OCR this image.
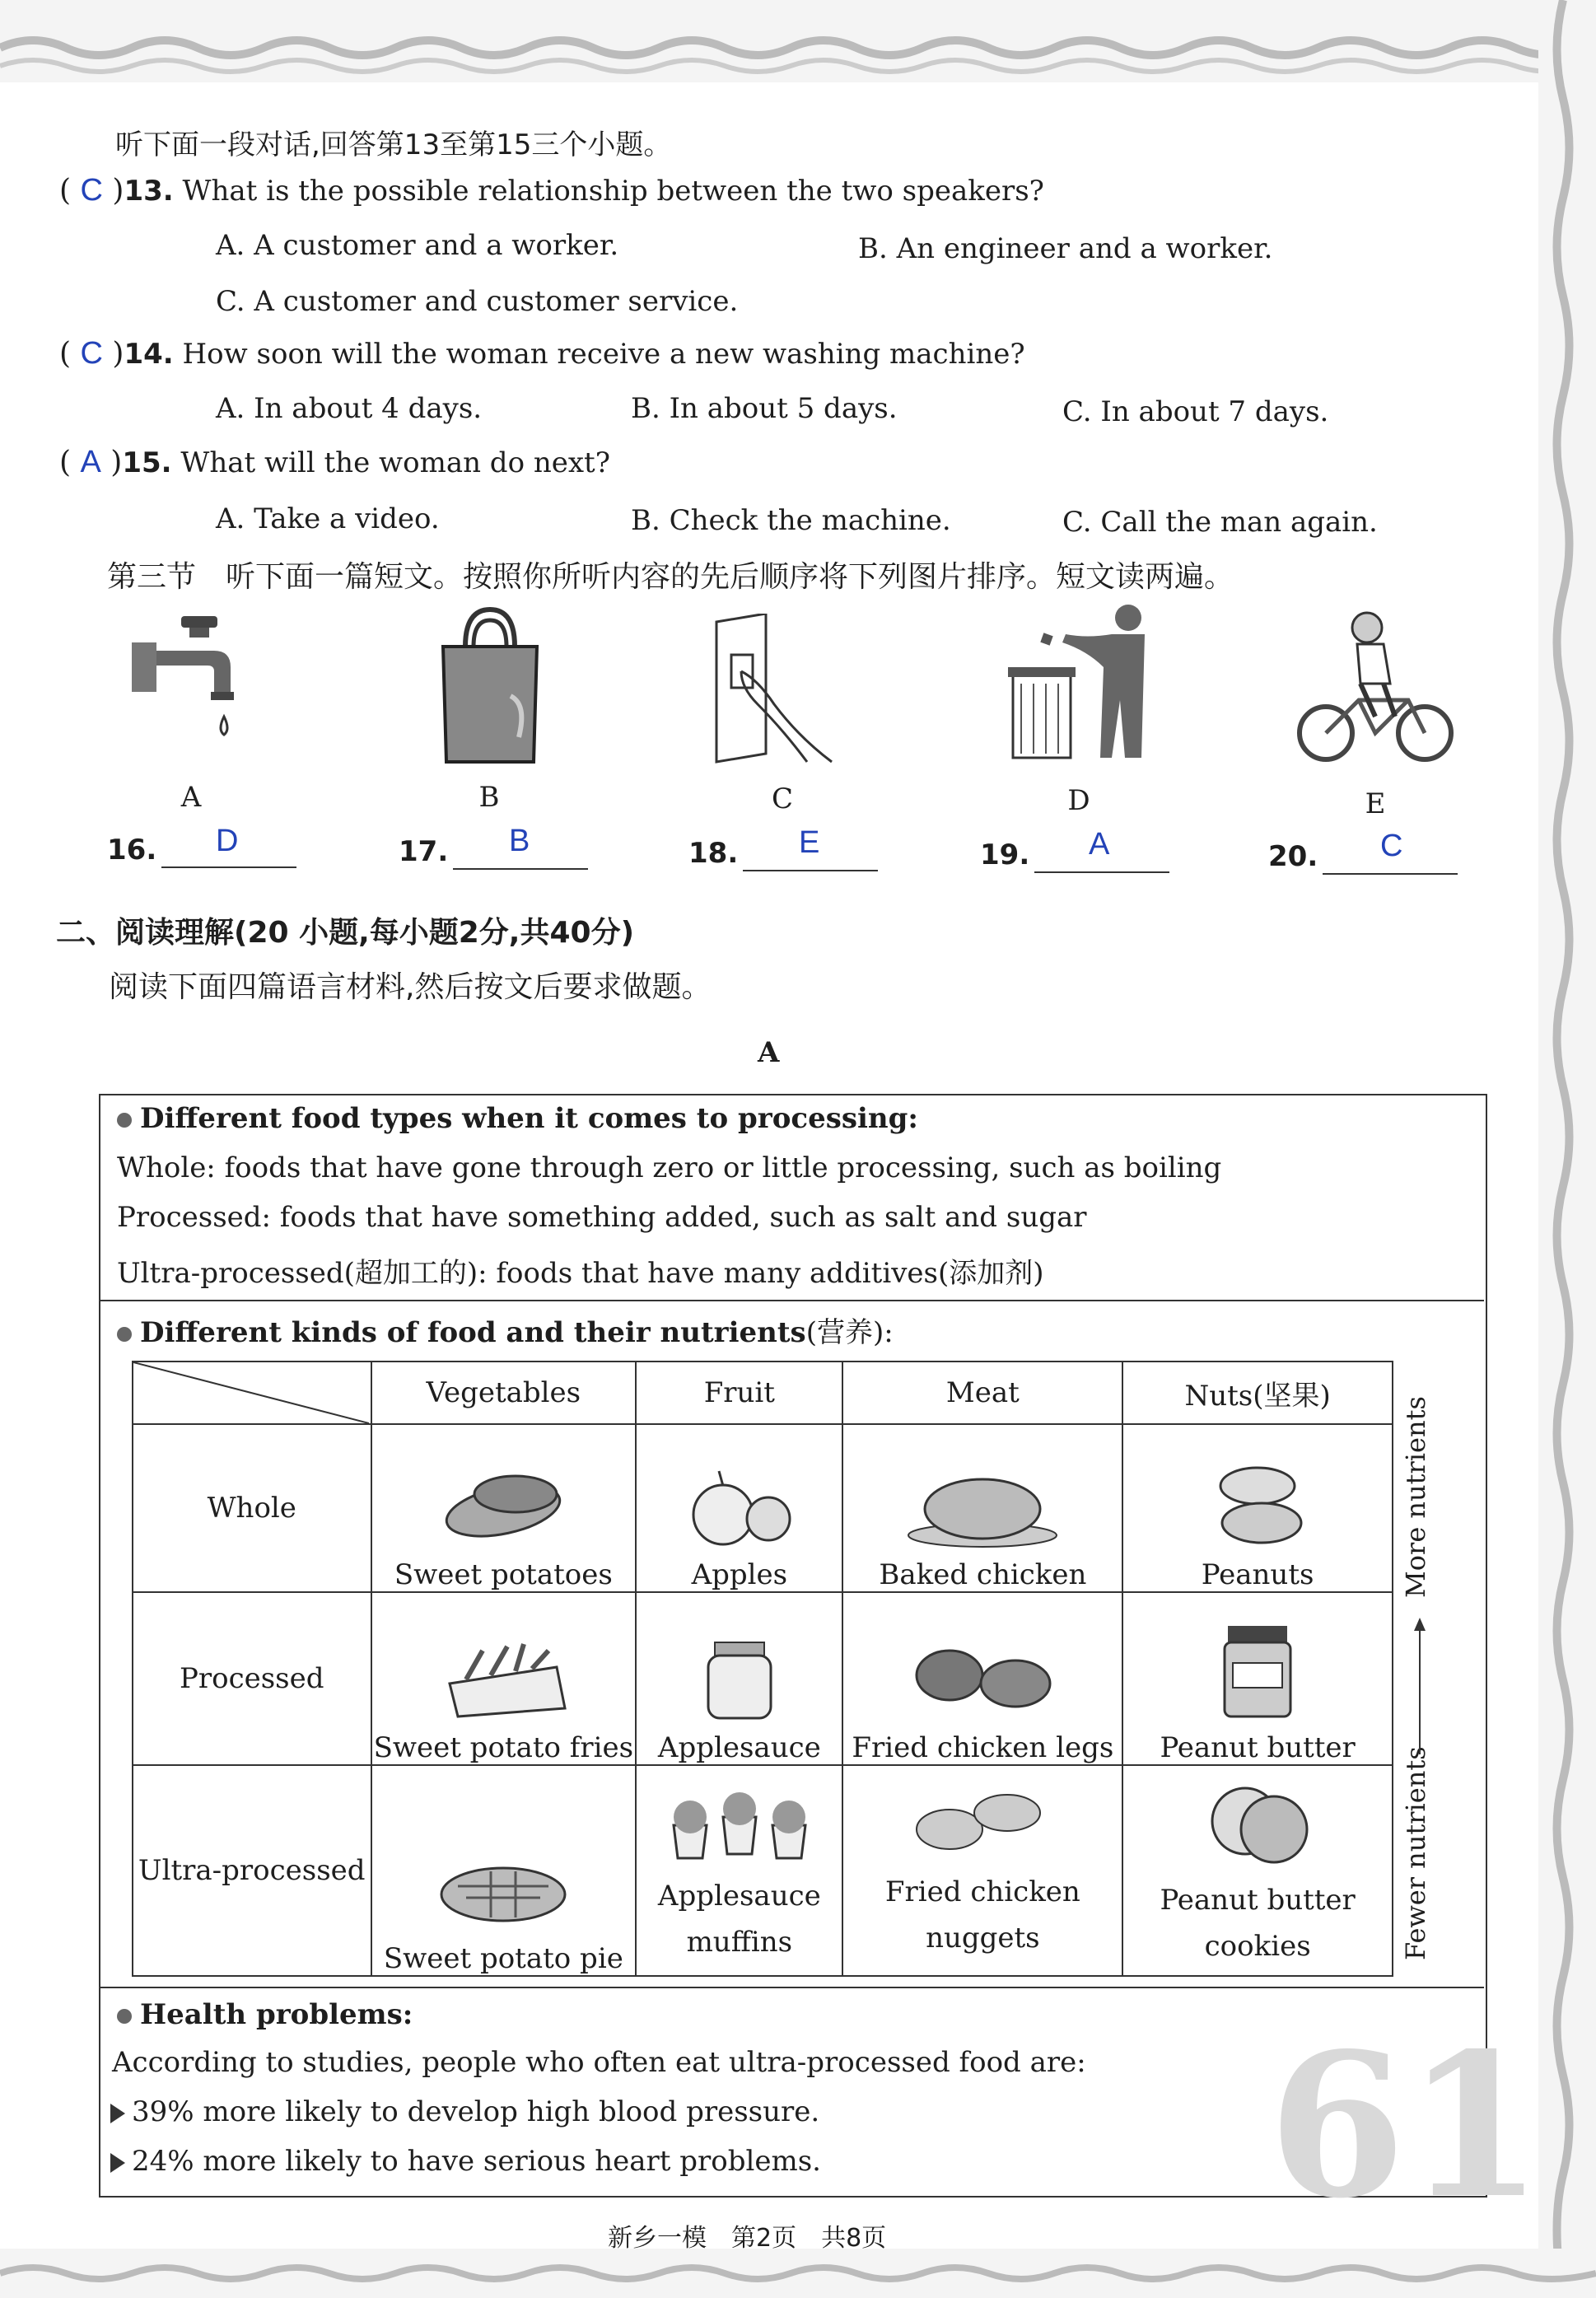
听下面一段对话,回答第13至第15三个小题。
( C )13. What is the possible relationship between the two speakers?
A. A customer and a worker.	B. An engineer and a worker.
C. A customer and customer service.
( C )14. How soon will the woman receive a new washing machine?
A. In about 4 days.	B. In about 5 days.	C. In about 7 days.
( A )15. What will the woman do next?
A. Take a video.	B. Check the machine.	C. Call the man again.
第三节　听下面一篇短文。按照你所听内容的先后顺序将下列图片排序。短文读两遍。
A	B	C	D	E
16. D	17. B	18. E	19. A	20. C
二、阅读理解(20 小题,每小题2分,共40分)
阅读下面四篇语言材料,然后按文后要求做题。
A
Different food types when it comes to processing:
Whole: foods that have gone through zero or little processing, such as boiling
Processed: foods that have something added, such as salt and sugar
Ultra-processed(超加工的): foods that have many additives(添加剂)
Different kinds of food and their nutrients(营养):
	Vegetables	Fruit	Meat	Nuts(坚果)
Whole	Sweet potatoes	Apples	Baked chicken	Peanuts
Processed	Sweet potato fries	Applesauce	Fried chicken legs	Peanut butter
Ultra-processed	Sweet potato pie	Applesauce muffins	Fried chicken nuggets	Peanut butter cookies	Fewer nutrients
More nutrients
Health problems:
According to studies, people who often eat ultra-processed food are:
39% more likely to develop high blood pressure.
24% more likely to have serious heart problems. 61
新乡一模　第2页　共8页
